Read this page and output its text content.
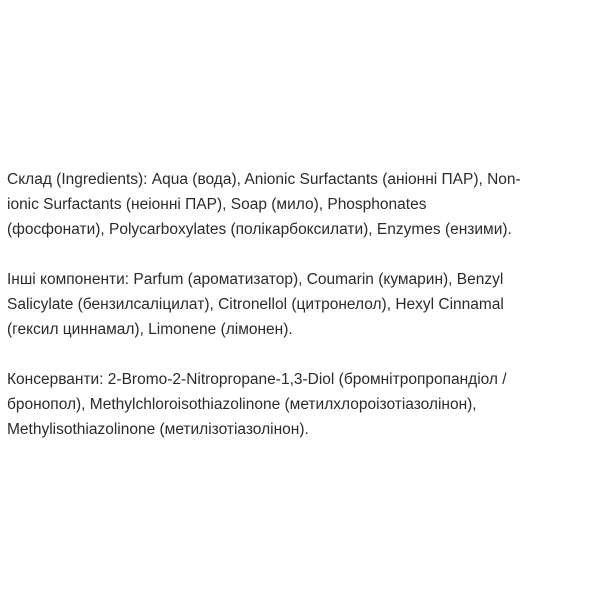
Склад (Ingredients): Aqua (вода), Anionic Surfactants (аніонні ПАР), Non-
ionic Surfactants (неіонні ПАР), Soap (мило), Phosphonates
(фосфонати), Polycarboxylates (полікарбоксилати), Enzymes (ензими).
Інші компоненти: Parfum (ароматизатор), Coumarin (кумарин), Benzyl
Salicylate (бензилсаліцилат), Citronellol (цитронелол), Hexyl Cinnamal
(гексил циннамал), Limonene (лімонен).
Консерванти: 2-Bromo-2-Nitropropane-1,3-Diol (бромнітропропандіол /
бронопол), Methylchloroisothiazolinone (метилхлороізотіазолінон),
Methylisothiazolinone (метилізотіазолінон).
